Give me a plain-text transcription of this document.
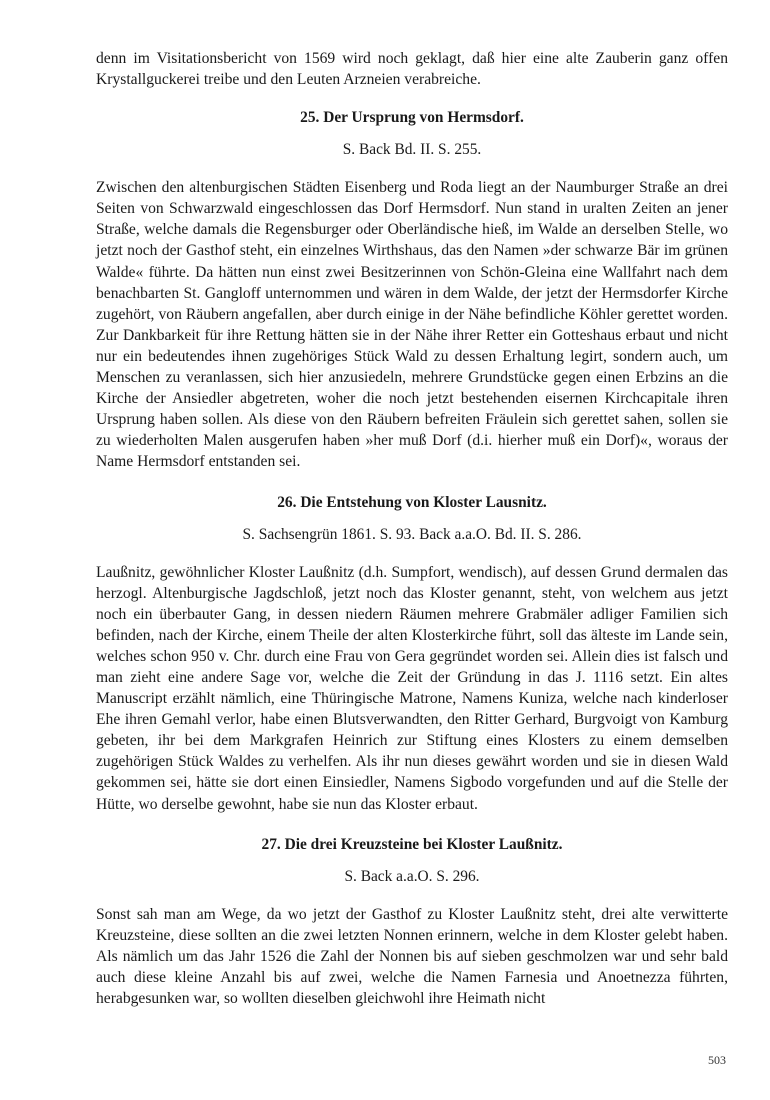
denn im Visitationsbericht von 1569 wird noch geklagt, daß hier eine alte Zauberin ganz offen Krystallguckerei treibe und den Leuten Arzneien verabreiche.

25. Der Ursprung von Hermsdorf.

S. Back Bd. II. S. 255.

Zwischen den altenburgischen Städten Eisenberg und Roda liegt an der Naumburger Straße an drei Seiten von Schwarzwald eingeschlossen das Dorf Hermsdorf. Nun stand in uralten Zeiten an jener Straße, welche damals die Regensburger oder Oberländische hieß, im Walde an derselben Stelle, wo jetzt noch der Gasthof steht, ein einzelnes Wirthshaus, das den Namen »der schwarze Bär im grünen Walde« führte. Da hätten nun einst zwei Besitzerinnen von Schön-Gleina eine Wallfahrt nach dem benachbarten St. Gangloff unternommen und wären in dem Walde, der jetzt der Hermsdorfer Kirche zugehört, von Räubern angefallen, aber durch einige in der Nähe befindliche Köhler gerettet worden. Zur Dankbarkeit für ihre Rettung hätten sie in der Nähe ihrer Retter ein Gotteshaus erbaut und nicht nur ein bedeutendes ihnen zugehöriges Stück Wald zu dessen Erhaltung legirt, sondern auch, um Menschen zu veranlassen, sich hier anzusiedeln, mehrere Grundstücke gegen einen Erbzins an die Kirche der Ansiedler abgetreten, woher die noch jetzt bestehenden eisernen Kirchcapitale ihren Ursprung haben sollen. Als diese von den Räubern befreiten Fräulein sich gerettet sahen, sollen sie zu wiederholten Malen ausgerufen haben »her muß Dorf (d.i. hierher muß ein Dorf)«, woraus der Name Hermsdorf entstanden sei.

26. Die Entstehung von Kloster Lausnitz.

S. Sachsengrün 1861. S. 93. Back a.a.O. Bd. II. S. 286.

Laußnitz, gewöhnlicher Kloster Laußnitz (d.h. Sumpfort, wendisch), auf dessen Grund dermalen das herzogl. Altenburgische Jagdschloß, jetzt noch das Kloster genannt, steht, von welchem aus jetzt noch ein überbauter Gang, in dessen niedern Räumen mehrere Grabmäler adliger Familien sich befinden, nach der Kirche, einem Theile der alten Klosterkirche führt, soll das älteste im Lande sein, welches schon 950 v. Chr. durch eine Frau von Gera gegründet worden sei. Allein dies ist falsch und man zieht eine andere Sage vor, welche die Zeit der Gründung in das J. 1116 setzt. Ein altes Manuscript erzählt nämlich, eine Thüringische Matrone, Namens Kuniza, welche nach kinderloser Ehe ihren Gemahl verlor, habe einen Blutsverwandten, den Ritter Gerhard, Burgvoigt von Kamburg gebeten, ihr bei dem Markgrafen Heinrich zur Stiftung eines Klosters zu einem demselben zugehörigen Stück Waldes zu verhelfen. Als ihr nun dieses gewährt worden und sie in diesen Wald gekommen sei, hätte sie dort einen Einsiedler, Namens Sigbodo vorgefunden und auf die Stelle der Hütte, wo derselbe gewohnt, habe sie nun das Kloster erbaut.

27. Die drei Kreuzsteine bei Kloster Laußnitz.

S. Back a.a.O. S. 296.

Sonst sah man am Wege, da wo jetzt der Gasthof zu Kloster Laußnitz steht, drei alte verwitterte Kreuzsteine, diese sollten an die zwei letzten Nonnen erinnern, welche in dem Kloster gelebt haben. Als nämlich um das Jahr 1526 die Zahl der Nonnen bis auf sieben geschmolzen war und sehr bald auch diese kleine Anzahl bis auf zwei, welche die Namen Farnesia und Anoetnezza führten, herabgesunken war, so wollten dieselben gleichwohl ihre Heimath nicht

503
